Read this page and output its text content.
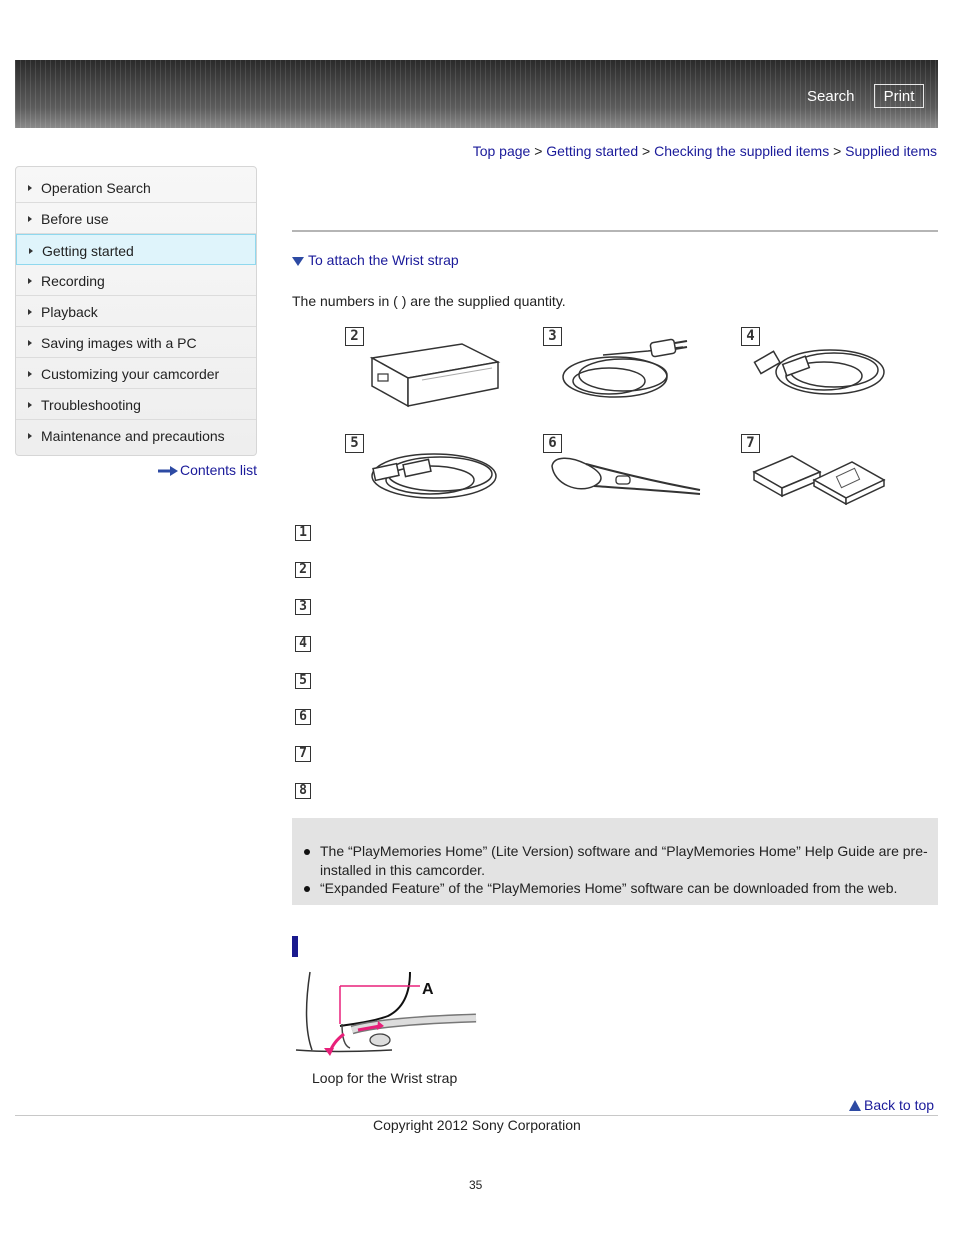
Search	Print
Top page > Getting started > Checking the supplied items > Supplied items
Operation Search
Before use
Getting started
Recording
Playback
Saving images with a PC
Customizing your camcorder
Troubleshooting
Maintenance and precautions
Contents list
To attach the Wrist strap
The numbers in ( ) are the supplied quantity.
2	3	4
5	6	7
1
2
3
4
5
6
7
8
The “PlayMemories Home” (Lite Version) software and “PlayMemories Home” Help Guide are pre-installed in this camcorder.
“Expanded Feature” of the “PlayMemories Home” software can be downloaded from the web.
A
Loop for the Wrist strap
Back to top
Copyright 2012 Sony Corporation
35
